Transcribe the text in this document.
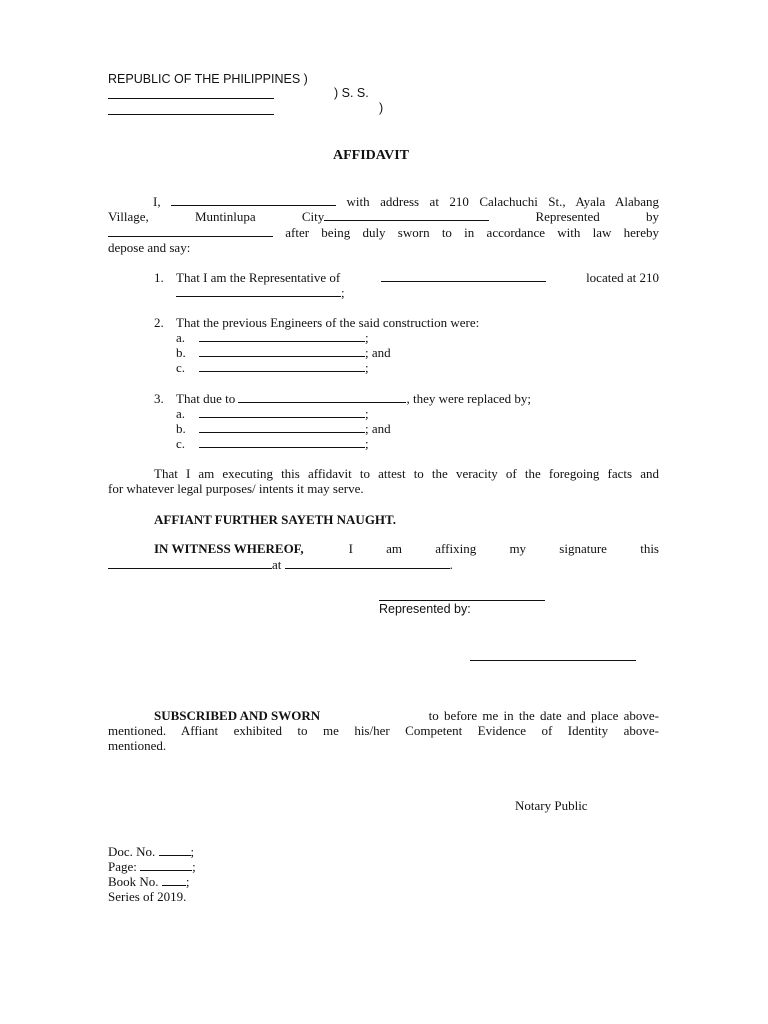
REPUBLIC OF THE PHILIPPINES )
) S. S.
)
AFFIDAVIT
I,	with address at 210 Calachuchi St., Ayala Alabang
Village,	Muntinlupa	City	Represented	by
after being duly sworn to in accordance with law hereby
depose and say:
1. That I am the Representative of	located at 210
;
2. That the previous Engineers of the said construction were:
a.	;
b.	; and
c.	;
3. That due to	, they were replaced by;
a.	;
b.	; and
c.	;
That I am executing this affidavit to attest to the veracity of the foregoing facts and
for whatever legal purposes/ intents it may serve.
AFFIANT FURTHER SAYETH NAUGHT.
IN WITNESS WHEREOF,	I am affixing my signature this
at	.
Represented by:
SUBSCRIBED AND SWORN	to before me in the date and place above-
mentioned. Affiant exhibited to me his/her Competent Evidence of Identity above-
mentioned.
Notary Public
Doc. No.	;
Page:	;
Book No. ;
Series of 2019.
